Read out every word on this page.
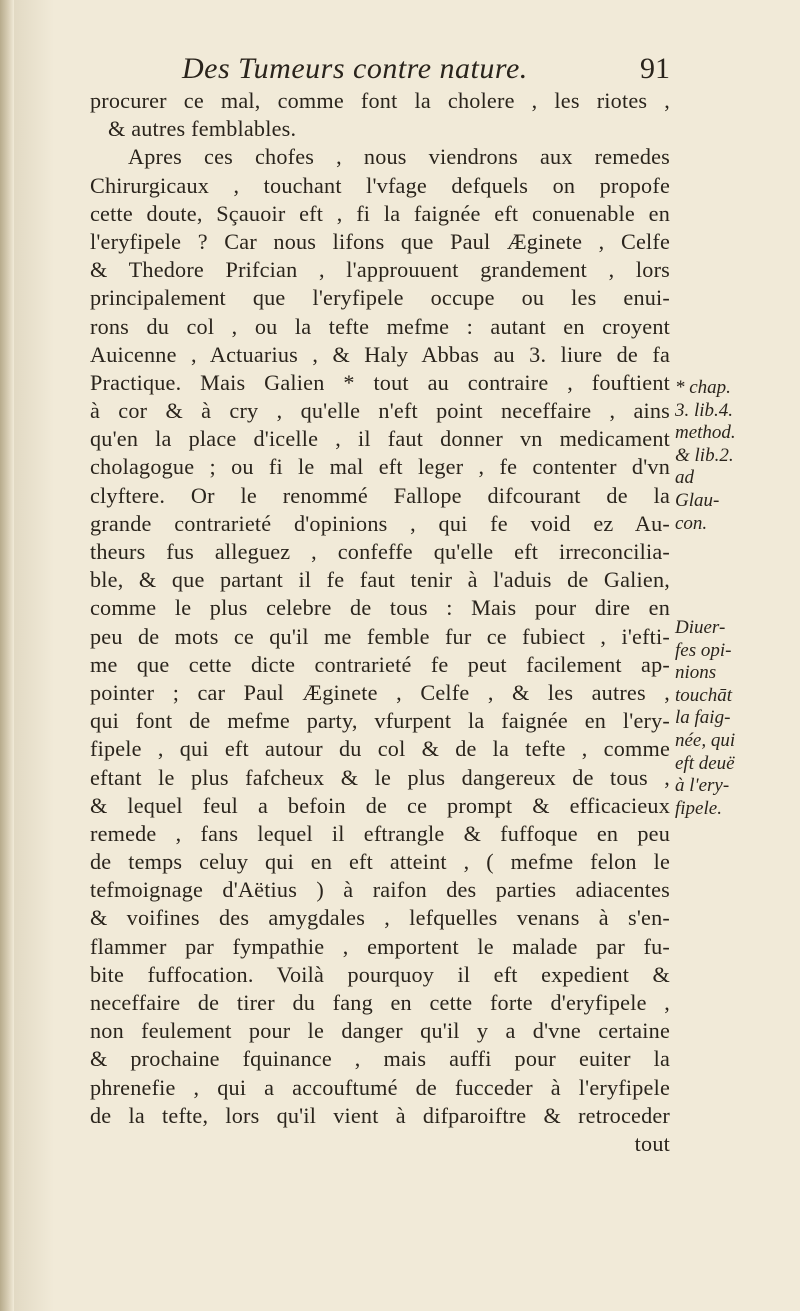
Des Tumeurs contre nature.	91
procurer ce mal, comme font la cholere , les riotes ,
& autres femblables.
Apres ces chofes , nous viendrons aux remedes
Chirurgicaux , touchant l'vfage defquels on propofe
cette doute, Sçauoir eft , fi la faignée eft conuenable en
l'eryfipele ? Car nous lifons que Paul Æginete , Celfe
& Thedore Prifcian , l'approuuent grandement , lors
principalement que l'eryfipele occupe ou les enui-
rons du col , ou la tefte mefme : autant en croyent
Auicenne , Actuarius , & Haly Abbas au 3. liure de fa
Practique. Mais Galien * tout au contraire , fouftient
à cor & à cry , qu'elle n'eft point neceffaire , ains
qu'en la place d'icelle , il faut donner vn medicament
cholagogue ; ou fi le mal eft leger , fe contenter d'vn
clyftere. Or le renommé Fallope difcourant de la
grande contrarieté d'opinions , qui fe void ez Au-
theurs fus alleguez , confeffe qu'elle eft irreconcilia-
ble, & que partant il fe faut tenir à l'aduis de Galien,
comme le plus celebre de tous : Mais pour dire en
peu de mots ce qu'il me femble fur ce fubiect , i'efti-
me que cette dicte contrarieté fe peut facilement ap-
pointer ; car Paul Æginete , Celfe , & les autres ,
qui font de mefme party, vfurpent la faignée en l'ery-
fipele , qui eft autour du col & de la tefte , comme
eftant le plus fafcheux & le plus dangereux de tous ,
& lequel feul a befoin de ce prompt & efficacieux
remede , fans lequel il eftrangle & fuffoque en peu
de temps celuy qui en eft atteint , ( mefme felon le
tefmoignage d'Aëtius ) à raifon des parties adiacentes
& voifines des amygdales , lefquelles venans à s'en-
flammer par fympathie , emportent le malade par fu-
bite fuffocation. Voilà pourquoy il eft expedient &
neceffaire de tirer du fang en cette forte d'eryfipele ,
non feulement pour le danger qu'il y a d'vne certaine
& prochaine fquinance , mais auffi pour euiter la
phrenefie , qui a accouftumé de fucceder à l'eryfipele
de la tefte, lors qu'il vient à difparoiftre & retroceder
tout
* chap.
3. lib.4.
method.
& lib.2.
ad
Glau-
con.
Diuer-
fes opi-
nions
touchāt
la faig-
née, qui
eft deuë
à l'ery-
fipele.
